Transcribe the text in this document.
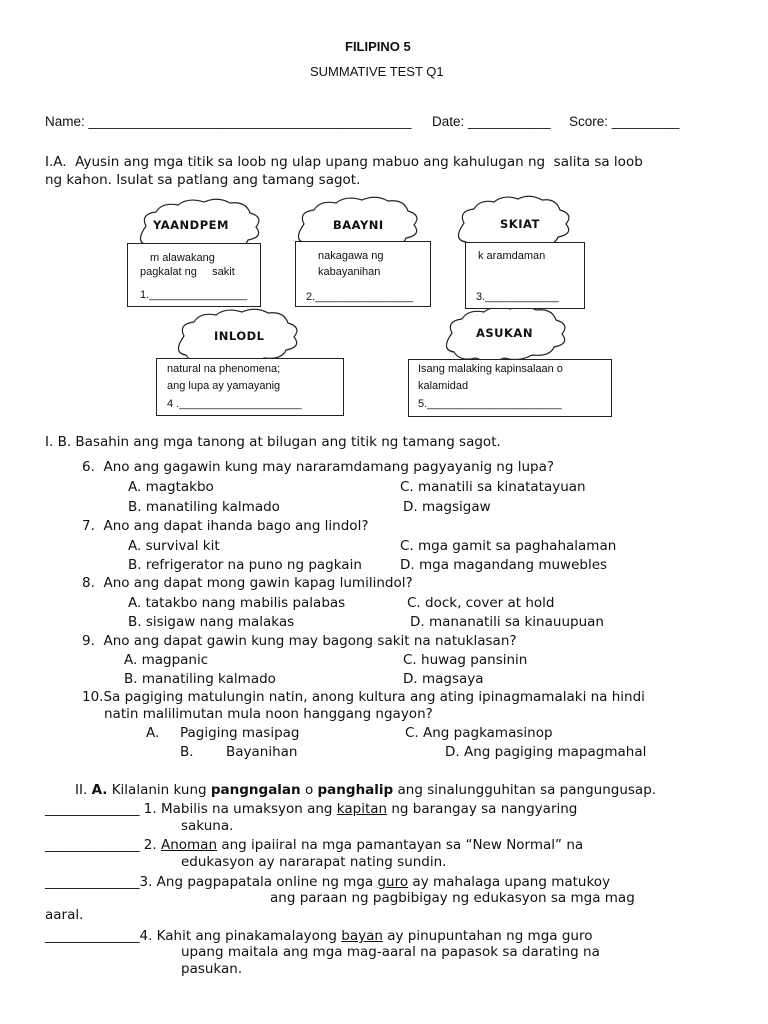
FILIPINO 5
SUMMATIVE TEST Q1
Name: ___________________________________________ Date: ___________ Score: _________
I.A.  Ayusin ang mga titik sa loob ng ulap upang mabuo ang kahulugan ng  salita sa loob
ng kahon. Isulat sa patlang ang tamang sagot.
YAANDPEM	BAAYNI	SKIAT
INLODL	ASUKAN
m alawakang
pagkalat ng     sakit
1.________________
nakagawa ng
kabayanihan
2.________________
k aramdaman
3.____________
natural na phenomena;
ang lupa ay yamayanig
4 .____________________
Isang malaking kapinsalaan o
kalamidad
5.______________________
I. B. Basahin ang mga tanong at bilugan ang titik ng tamang sagot.
6.  Ano ang gagawin kung may nararamdamang pagyayanig ng lupa?
A. magtakbo	C. manatili sa kinatatayuan
B. manatiling kalmado	D. magsigaw
7.  Ano ang dapat ihanda bago ang lindol?
A. survival kit	C. mga gamit sa paghahalaman
B. refrigerator na puno ng pagkain	D. mga magandang muwebles
8.  Ano ang dapat mong gawin kapag lumilindol?
A. tatakbo nang mabilis palabas	C. dock, cover at hold
B. sisigaw nang malakas	D. mananatili sa kinauupuan
9.  Ano ang dapat gawin kung may bagong sakit na natuklasan?
A. magpanic	C. huwag pansinin
B. manatiling kalmado	D. magsaya
10.Sa pagiging matulungin natin, anong kultura ang ating ipinagmamalaki na hindi
natin malilimutan mula noon hanggang ngayon?
A. Pagiging masipag	C. Ang pagkamasinop
B. Bayanihan	D. Ang pagiging mapagmahal
II. A. Kilalanin kung pangngalan o panghalip ang sinalungguhitan sa pangungusap.
______________ 1. Mabilis na umaksyon ang kapitan ng barangay sa nangyaring
sakuna.
______________ 2. Anoman ang ipaiiral na mga pamantayan sa “New Normal” na
edukasyon ay nararapat nating sundin.
______________3. Ang pagpapatala online ng mga guro ay mahalaga upang matukoy
ang paraan ng pagbibigay ng edukasyon sa mga mag
aaral.
______________4. Kahit ang pinakamalayong bayan ay pinupuntahan ng mga guro
upang maitala ang mga mag-aaral na papasok sa darating na
pasukan.
